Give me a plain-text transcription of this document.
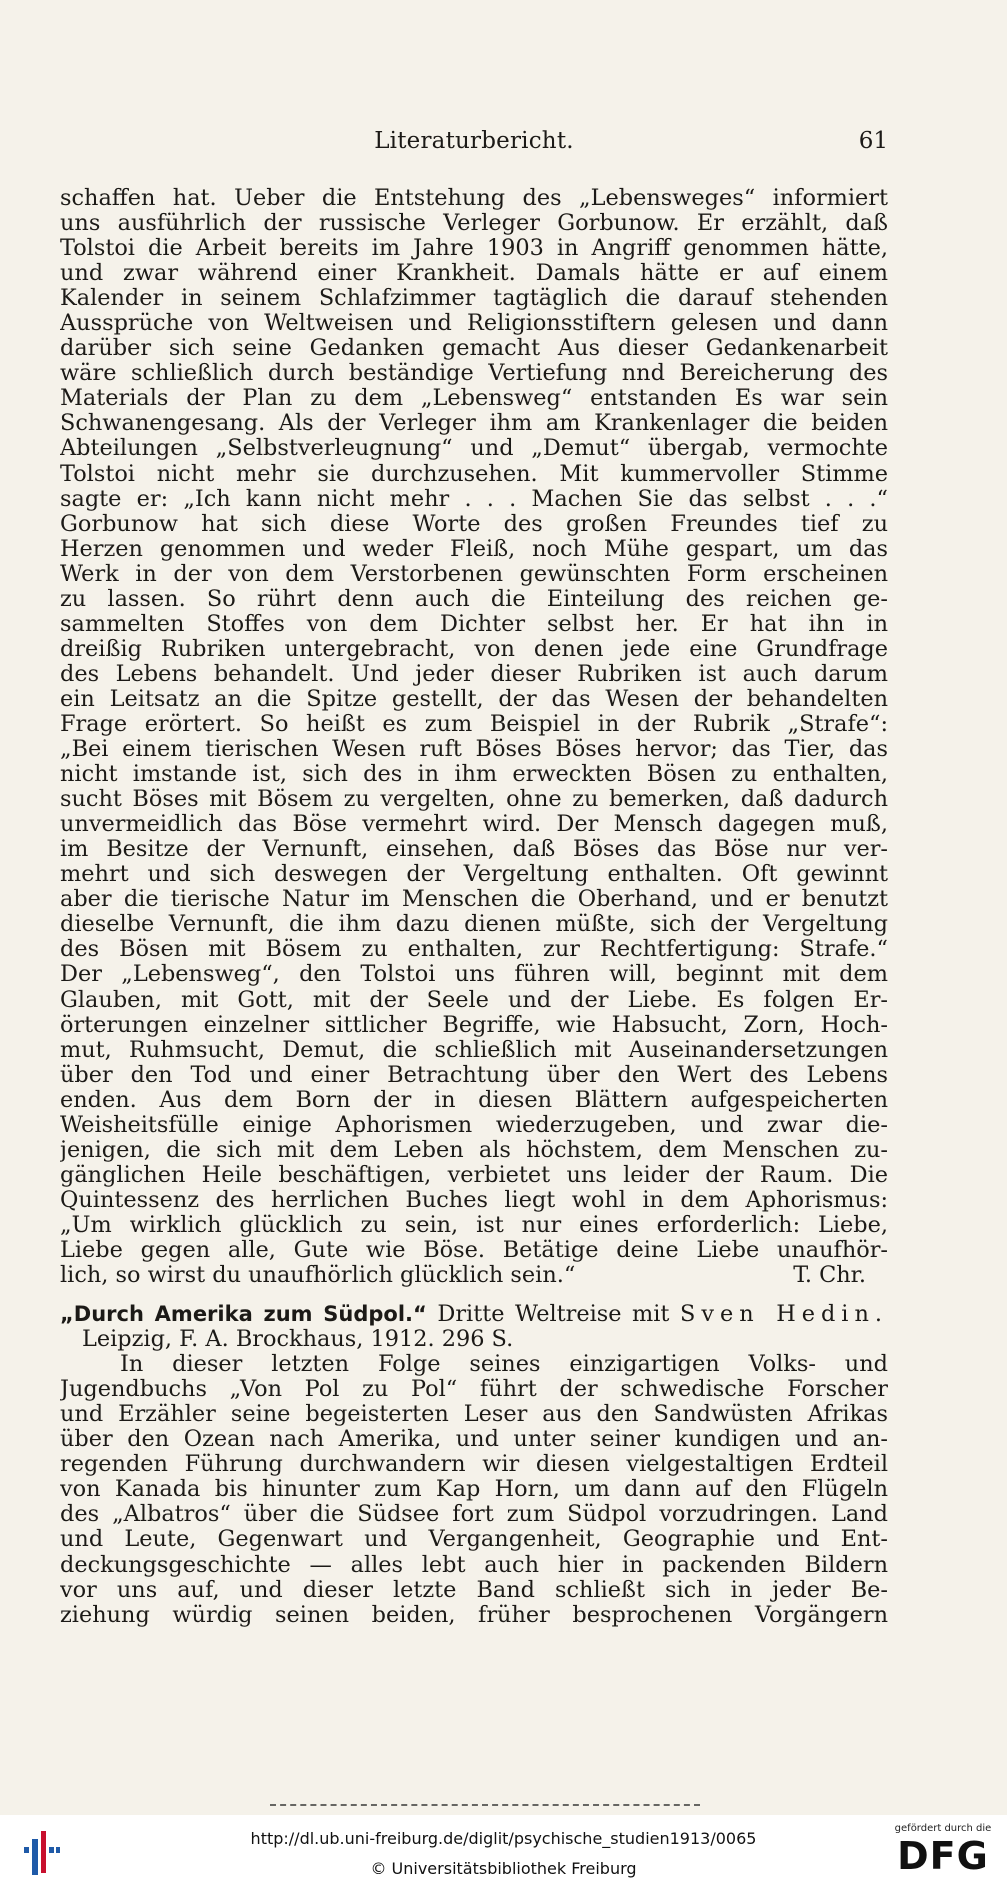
Literaturbericht.	61
schaffen hat. Ueber die Entstehung des „Lebensweges“ informiert
uns ausführlich der russische Verleger Gorbunow. Er erzählt, daß
Tolstoi die Arbeit bereits im Jahre 1903 in Angriff genommen hätte,
und zwar während einer Krankheit. Damals hätte er auf einem
Kalender in seinem Schlafzimmer tagtäglich die darauf stehenden
Aussprüche von Weltweisen und Religionsstiftern gelesen und dann
darüber sich seine Gedanken gemacht Aus dieser Gedankenarbeit
wäre schließlich durch beständige Vertiefung nnd Bereicherung des
Materials der Plan zu dem „Lebensweg“ entstanden Es war sein
Schwanengesang. Als der Verleger ihm am Krankenlager die beiden
Abteilungen „Selbstverleugnung“ und „Demut“ übergab, vermochte
Tolstoi nicht mehr sie durchzusehen. Mit kummervoller Stimme
sagte er: „Ich kann nicht mehr . . . Machen Sie das selbst . . .“
Gorbunow hat sich diese Worte des großen Freundes tief zu
Herzen genommen und weder Fleiß, noch Mühe gespart, um das
Werk in der von dem Verstorbenen gewünschten Form erscheinen
zu lassen. So rührt denn auch die Einteilung des reichen ge-
sammelten Stoffes von dem Dichter selbst her. Er hat ihn in
dreißig Rubriken untergebracht, von denen jede eine Grundfrage
des Lebens behandelt. Und jeder dieser Rubriken ist auch darum
ein Leitsatz an die Spitze gestellt, der das Wesen der behandelten
Frage erörtert. So heißt es zum Beispiel in der Rubrik „Strafe“:
„Bei einem tierischen Wesen ruft Böses Böses hervor; das Tier, das
nicht imstande ist, sich des in ihm erweckten Bösen zu enthalten,
sucht Böses mit Bösem zu vergelten, ohne zu bemerken, daß dadurch
unvermeidlich das Böse vermehrt wird. Der Mensch dagegen muß,
im Besitze der Vernunft, einsehen, daß Böses das Böse nur ver-
mehrt und sich deswegen der Vergeltung enthalten. Oft gewinnt
aber die tierische Natur im Menschen die Oberhand, und er benutzt
dieselbe Vernunft, die ihm dazu dienen müßte, sich der Vergeltung
des Bösen mit Bösem zu enthalten, zur Rechtfertigung: Strafe.“
Der „Lebensweg“, den Tolstoi uns führen will, beginnt mit dem
Glauben, mit Gott, mit der Seele und der Liebe. Es folgen Er-
örterungen einzelner sittlicher Begriffe, wie Habsucht, Zorn, Hoch-
mut, Ruhmsucht, Demut, die schließlich mit Auseinandersetzungen
über den Tod und einer Betrachtung über den Wert des Lebens
enden. Aus dem Born der in diesen Blättern aufgespeicherten
Weisheitsfülle einige Aphorismen wiederzugeben, und zwar die-
jenigen, die sich mit dem Leben als höchstem, dem Menschen zu-
gänglichen Heile beschäftigen, verbietet uns leider der Raum. Die
Quintessenz des herrlichen Buches liegt wohl in dem Aphorismus:
„Um wirklich glücklich zu sein, ist nur eines erforderlich: Liebe,
Liebe gegen alle, Gute wie Böse. Betätige deine Liebe unaufhör-
lich, so wirst du unaufhörlich glücklich sein.“	T. Chr.
„Durch Amerika zum Südpol.“ Dritte Weltreise mit Sven Hedin.
Leipzig, F. A. Brockhaus, 1912. 296 S.
In dieser letzten Folge seines einzigartigen Volks- und
Jugendbuchs „Von Pol zu Pol“ führt der schwedische Forscher
und Erzähler seine begeisterten Leser aus den Sandwüsten Afrikas
über den Ozean nach Amerika, und unter seiner kundigen und an-
regenden Führung durchwandern wir diesen vielgestaltigen Erdteil
von Kanada bis hinunter zum Kap Horn, um dann auf den Flügeln
des „Albatros“ über die Südsee fort zum Südpol vorzudringen. Land
und Leute, Gegenwart und Vergangenheit, Geographie und Ent-
deckungsgeschichte — alles lebt auch hier in packenden Bildern
vor uns auf, und dieser letzte Band schließt sich in jeder Be-
ziehung würdig seinen beiden, früher besprochenen Vorgängern
http://dl.ub.uni-freiburg.de/diglit/psychische_studien1913/0065
© Universitätsbibliothek Freiburg
gefördert durch die
DFG
